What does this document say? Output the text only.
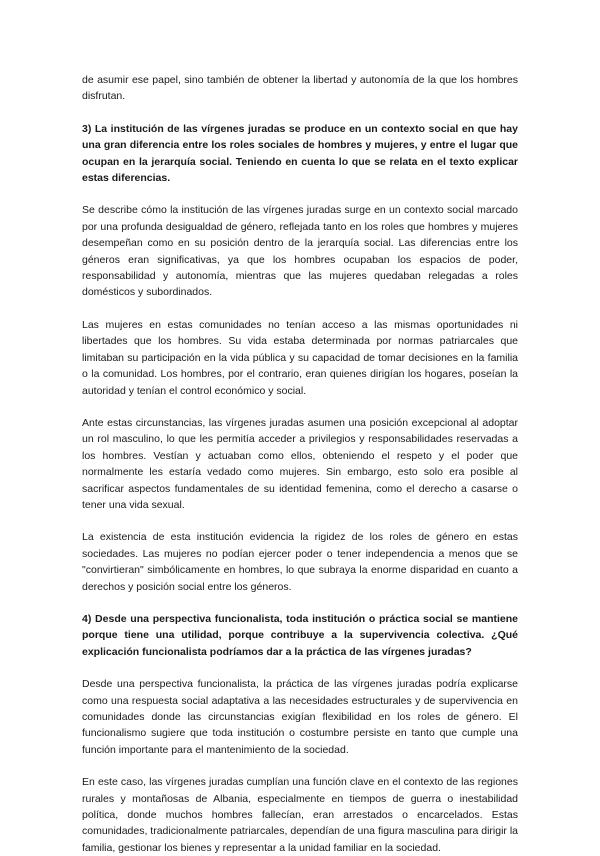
de asumir ese papel, sino también de obtener la libertad y autonomía de la que los hombres disfrutan.

3) La institución de las vírgenes juradas se produce en un contexto social en que hay una gran diferencia entre los roles sociales de hombres y mujeres, y entre el lugar que ocupan en la jerarquía social. Teniendo en cuenta lo que se relata en el texto explicar estas diferencias.

Se describe cómo la institución de las vírgenes juradas surge en un contexto social marcado por una profunda desigualdad de género, reflejada tanto en los roles que hombres y mujeres desempeñan como en su posición dentro de la jerarquía social. Las diferencias entre los géneros eran significativas, ya que los hombres ocupaban los espacios de poder, responsabilidad y autonomía, mientras que las mujeres quedaban relegadas a roles domésticos y subordinados.

Las mujeres en estas comunidades no tenían acceso a las mismas oportunidades ni libertades que los hombres. Su vida estaba determinada por normas patriarcales que limitaban su participación en la vida pública y su capacidad de tomar decisiones en la familia o la comunidad. Los hombres, por el contrario, eran quienes dirigían los hogares, poseían la autoridad y tenían el control económico y social.

Ante estas circunstancias, las vírgenes juradas asumen una posición excepcional al adoptar un rol masculino, lo que les permitía acceder a privilegios y responsabilidades reservadas a los hombres. Vestían y actuaban como ellos, obteniendo el respeto y el poder que normalmente les estaría vedado como mujeres. Sin embargo, esto solo era posible al sacrificar aspectos fundamentales de su identidad femenina, como el derecho a casarse o tener una vida sexual.

La existencia de esta institución evidencia la rigidez de los roles de género en estas sociedades. Las mujeres no podían ejercer poder o tener independencia a menos que se "convirtieran" simbólicamente en hombres, lo que subraya la enorme disparidad en cuanto a derechos y posición social entre los géneros.

4) Desde una perspectiva funcionalista, toda institución o práctica social se mantiene porque tiene una utilidad, porque contribuye a la supervivencia colectiva. ¿Qué explicación funcionalista podríamos dar a la práctica de las vírgenes juradas?

Desde una perspectiva funcionalista, la práctica de las vírgenes juradas podría explicarse como una respuesta social adaptativa a las necesidades estructurales y de supervivencia en comunidades donde las circunstancias exigían flexibilidad en los roles de género. El funcionalismo sugiere que toda institución o costumbre persiste en tanto que cumple una función importante para el mantenimiento de la sociedad.

En este caso, las vírgenes juradas cumplían una función clave en el contexto de las regiones rurales y montañosas de Albania, especialmente en tiempos de guerra o inestabilidad política, donde muchos hombres fallecían, eran arrestados o encarcelados. Estas comunidades, tradicionalmente patriarcales, dependían de una figura masculina para dirigir la familia, gestionar los bienes y representar a la unidad familiar en la sociedad.
